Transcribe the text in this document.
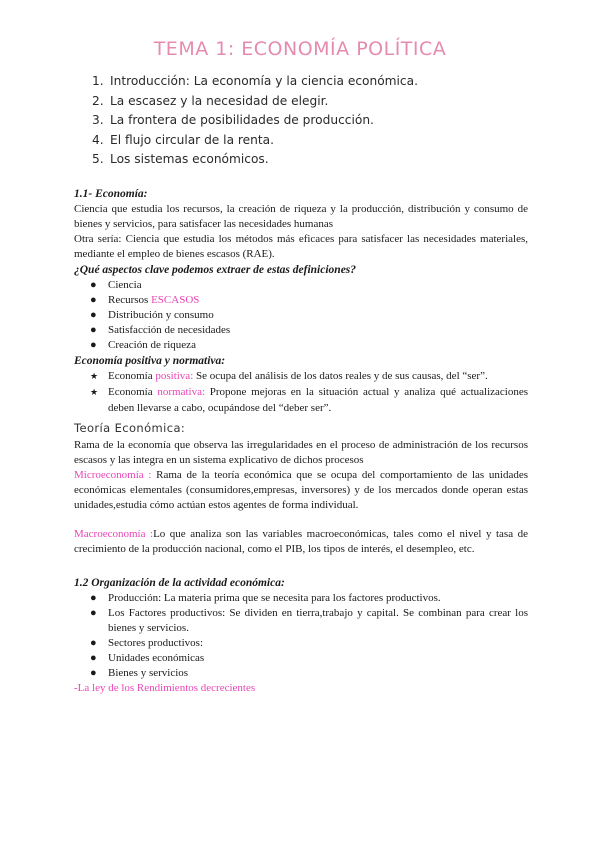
TEMA 1: ECONOMÍA POLÍTICA
1. Introducción: La economía y la ciencia económica.
2. La escasez y la necesidad de elegir.
3. La frontera de posibilidades de producción.
4. El flujo circular de la renta.
5. Los sistemas económicos.

1.1- Economía:

Ciencia que estudia los recursos, la creación de riqueza y la producción, distribución y consumo de bienes y servicios, para satisfacer las necesidades humanas

Otra sería: Ciencia que estudia los métodos más eficaces para satisfacer las necesidades materiales, mediante el empleo de bienes escasos (RAE).

¿Qué aspectos clave podemos extraer de estas definiciones?

● Ciencia
● Recursos ESCASOS
● Distribución y consumo
● Satisfacción de necesidades
● Creación de riqueza

Economía positiva y normativa:

★ Economía positiva: Se ocupa del análisis de los datos reales y de sus causas, del “ser”.
★ Economía normativa: Propone mejoras en la situación actual y analiza qué actualizaciones deben llevarse a cabo, ocupándose del “deber ser”.

Teoría Económica:

Rama de la economía que observa las irregularidades en el proceso de administración de los recursos escasos y las integra en un sistema explicativo de dichos procesos
Microeconomía : Rama de la teoría económica que se ocupa del comportamiento de las unidades económicas elementales (consumidores,empresas, inversores) y de los mercados donde operan estas unidades,estudia cómo actúan estos agentes de forma individual.

Macroeconomía :Lo que analiza son las variables macroeconómicas, tales como el nivel y tasa de crecimiento de la producción nacional, como el PIB, los tipos de interés, el desempleo, etc.

1.2 Organización de la actividad económica:

● Producción: La materia prima que se necesita para los factores productivos.
● Los Factores productivos: Se dividen en tierra,trabajo y capital. Se combinan para crear los bienes y servicios.
● Sectores productivos:
● Unidades económicas
● Bienes y servicios

-La ley de los Rendimientos decrecientes
